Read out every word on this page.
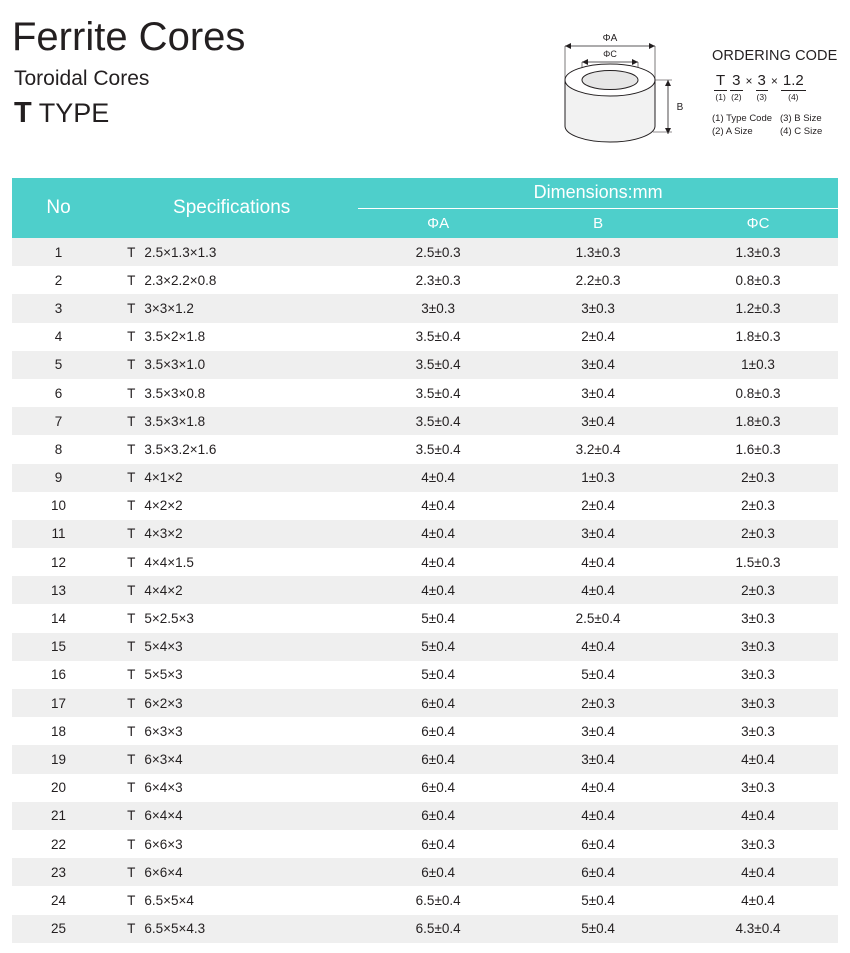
Ferrite Cores
Toroidal Cores
T TYPE
ΦA
ΦC
B
ORDERING CODE
T
(1)
3
(2)
× 3
(3)
× 1.2
(4)
(1) Type Code (3) B Size
(2) A Size	(4) C Size
No	Specifications	Dimensions:mm		
		ΦA	B	ΦC
1	T 2.5×1.3×1.3	2.5±0.3	1.3±0.3	1.3±0.3
2	T 2.3×2.2×0.8	2.3±0.3	2.2±0.3	0.8±0.3
3	T 3×3×1.2	3±0.3	3±0.3	1.2±0.3
4	T 3.5×2×1.8	3.5±0.4	2±0.4	1.8±0.3
5	T 3.5×3×1.0	3.5±0.4	3±0.4	1±0.3
6	T 3.5×3×0.8	3.5±0.4	3±0.4	0.8±0.3
7	T 3.5×3×1.8	3.5±0.4	3±0.4	1.8±0.3
8	T 3.5×3.2×1.6	3.5±0.4	3.2±0.4	1.6±0.3
9	T 4×1×2	4±0.4	1±0.3	2±0.3
10	T 4×2×2	4±0.4	2±0.4	2±0.3
11	T 4×3×2	4±0.4	3±0.4	2±0.3
12	T 4×4×1.5	4±0.4	4±0.4	1.5±0.3
13	T 4×4×2	4±0.4	4±0.4	2±0.3
14	T 5×2.5×3	5±0.4	2.5±0.4	3±0.3
15	T 5×4×3	5±0.4	4±0.4	3±0.3
16	T 5×5×3	5±0.4	5±0.4	3±0.3
17	T 6×2×3	6±0.4	2±0.3	3±0.3
18	T 6×3×3	6±0.4	3±0.4	3±0.3
19	T 6×3×4	6±0.4	3±0.4	4±0.4
20	T 6×4×3	6±0.4	4±0.4	3±0.3
21	T 6×4×4	6±0.4	4±0.4	4±0.4
22	T 6×6×3	6±0.4	6±0.4	3±0.3
23	T 6×6×4	6±0.4	6±0.4	4±0.4
24	T 6.5×5×4	6.5±0.4	5±0.4	4±0.4
25	T 6.5×5×4.3	6.5±0.4	5±0.4	4.3±0.4
